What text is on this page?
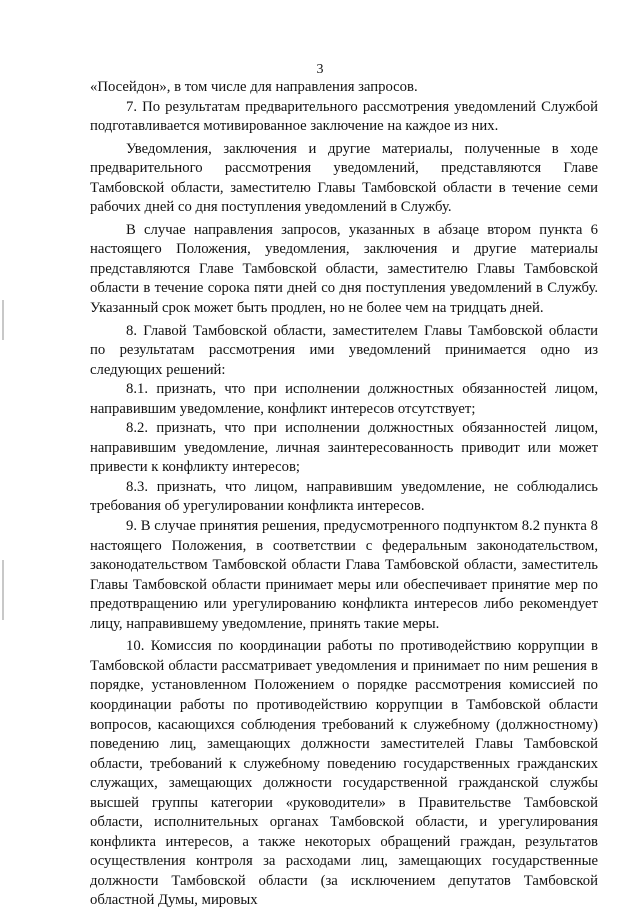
3

«Посейдон», в том числе для направления запросов.

7. По результатам предварительного рассмотрения уведомлений Службой подготавливается мотивированное заключение на каждое из них.

Уведомления, заключения и другие материалы, полученные в ходе предварительного рассмотрения уведомлений, представляются Главе Тамбовской области, заместителю Главы Тамбовской области в течение семи рабочих дней со дня поступления уведомлений в Службу.

В случае направления запросов, указанных в абзаце втором пункта 6 настоящего Положения, уведомления, заключения и другие материалы представляются Главе Тамбовской области, заместителю Главы Тамбовской области в течение сорока пяти дней со дня поступления уведомлений в Службу. Указанный срок может быть продлен, но не более чем на тридцать дней.

8. Главой Тамбовской области, заместителем Главы Тамбовской области по результатам рассмотрения ими уведомлений принимается одно из следующих решений:

8.1. признать, что при исполнении должностных обязанностей лицом, направившим уведомление, конфликт интересов отсутствует;

8.2. признать, что при исполнении должностных обязанностей лицом, направившим уведомление, личная заинтересованность приводит или может привести к конфликту интересов;

8.3. признать, что лицом, направившим уведомление, не соблюдались требования об урегулировании конфликта интересов.

9. В случае принятия решения, предусмотренного подпунктом 8.2 пункта 8 настоящего Положения, в соответствии с федеральным законодательством, законодательством Тамбовской области Глава Тамбовской области, заместитель Главы Тамбовской области принимает меры или обеспечивает принятие мер по предотвращению или урегулированию конфликта интересов либо рекомендует лицу, направившему уведомление, принять такие меры.

10. Комиссия по координации работы по противодействию коррупции в Тамбовской области рассматривает уведомления и принимает по ним решения в порядке, установленном Положением о порядке рассмотрения комиссией по координации работы по противодействию коррупции в Тамбовской области вопросов, касающихся соблюдения требований к служебному (должностному) поведению лиц, замещающих должности заместителей Главы Тамбовской области, требований к служебному поведению государственных гражданских служащих, замещающих должности государственной гражданской службы высшей группы категории «руководители» в Правительстве Тамбовской области, исполнительных органах Тамбовской области, и урегулирования конфликта интересов, а также некоторых обращений граждан, результатов осуществления контроля за расходами лиц, замещающих государственные должности Тамбовской области (за исключением депутатов Тамбовской областной Думы, мировых
